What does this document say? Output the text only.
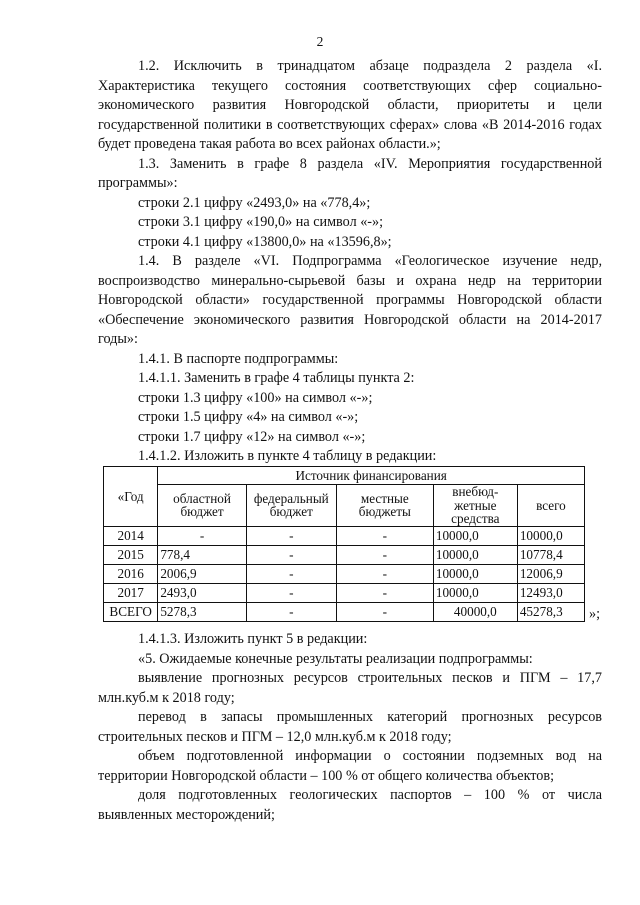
2

1.2. Исключить в тринадцатом абзаце подраздела 2 раздела «I. Характеристика текущего состояния соответствующих сфер социально-экономического развития Новгородской области, приоритеты и цели государственной политики в соответствующих сферах» слова «В 2014-2016 годах будет проведена такая работа во всех районах области.»;

1.3. Заменить в графе 8 раздела «IV. Мероприятия государственной программы»:

строки 2.1 цифру «2493,0» на «778,4»;

строки 3.1 цифру «190,0» на символ «-»;

строки 4.1 цифру «13800,0» на «13596,8»;

1.4. В разделе «VI. Подпрограмма «Геологическое изучение недр, воспроизводство минерально-сырьевой базы и охрана недр на территории Новгородской области» государственной программы Новгородской области «Обеспечение экономического развития Новгородской области на 2014-2017 годы»:

1.4.1. В паспорте подпрограммы:

1.4.1.1. Заменить в графе 4 таблицы пункта 2:

строки 1.3 цифру «100» на символ «-»;

строки 1.5 цифру «4» на символ «-»;

строки 1.7 цифру «12» на символ «-»;

1.4.1.2. Изложить в пункте 4 таблицу в редакции:

«Год	Источник финансирования				
	областной бюджет	федеральный бюджет	местные бюджеты	внебюд-жетные средства	всего
2014	-	-	-	10000,0	10000,0
2015	778,4	-	-	10000,0	10778,4
2016	2006,9	-	-	10000,0	12006,9
2017	2493,0	-	-	10000,0	12493,0
ВСЕГО	5278,3	-	-	40000,0	45278,3 »;

1.4.1.3. Изложить пункт 5 в редакции:

«5. Ожидаемые конечные результаты реализации подпрограммы:

выявление прогнозных ресурсов строительных песков и ПГМ – 17,7 млн.куб.м к 2018 году;

перевод в запасы промышленных категорий прогнозных ресурсов строительных песков и ПГМ – 12,0 млн.куб.м к 2018 году;

объем подготовленной информации о состоянии подземных вод на территории Новгородской области – 100 % от общего количества объектов;

доля подготовленных геологических паспортов – 100 % от числа выявленных месторождений;
